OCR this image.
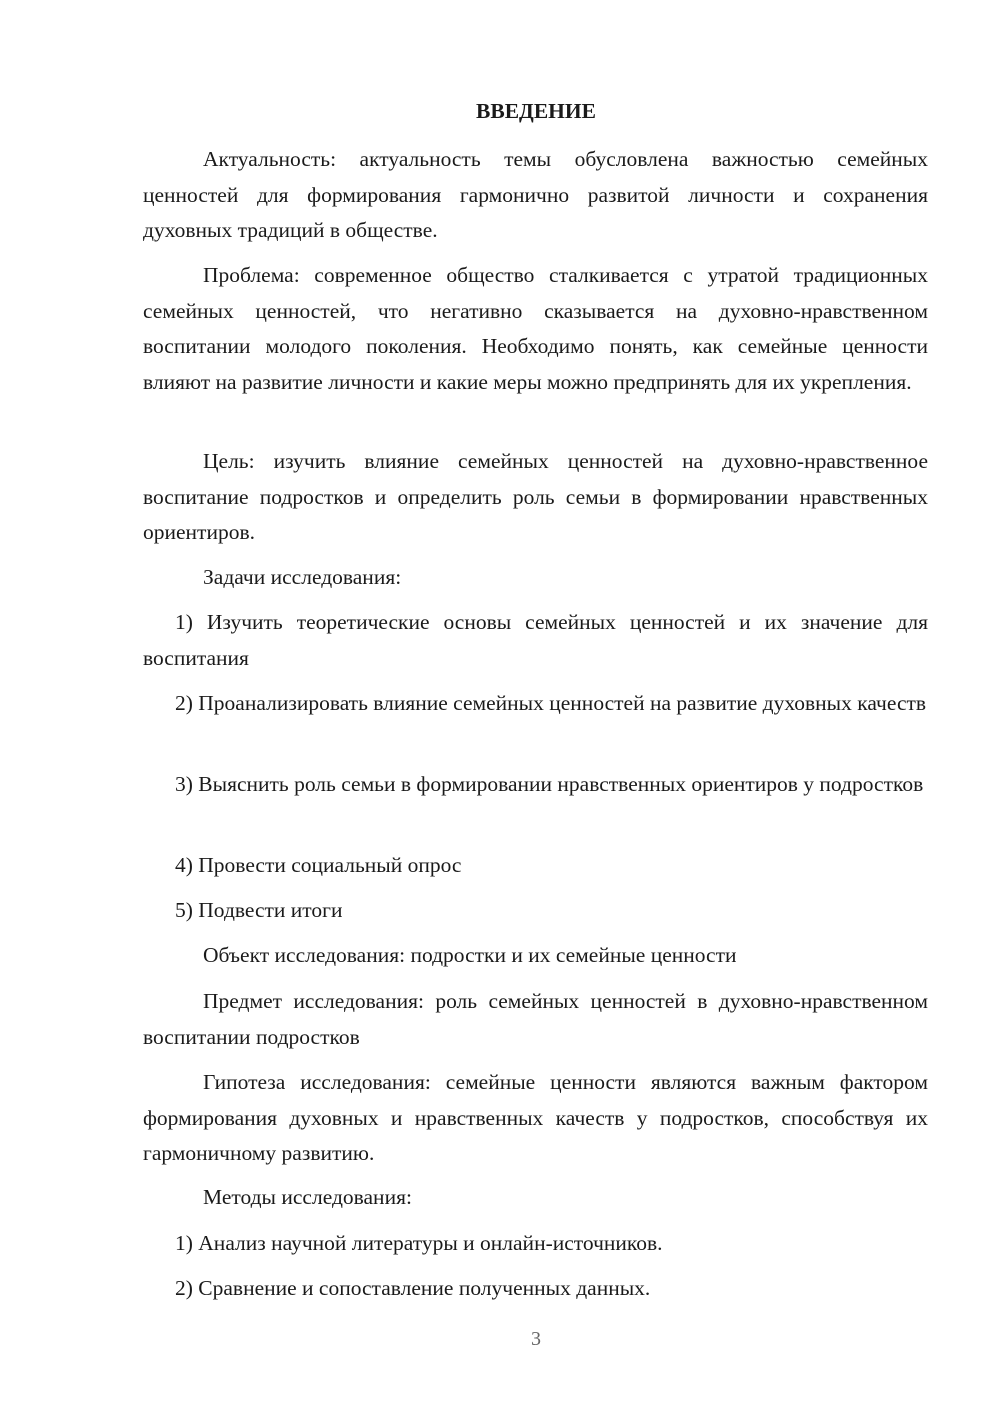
ВВЕДЕНИЕ

Актуальность: актуальность темы обусловлена важностью семейных ценностей для формирования гармонично развитой личности и сохранения духовных традиций в обществе.

Проблема: современное общество сталкивается с утратой традиционных семейных ценностей, что негативно сказывается на духовно-нравственном воспитании молодого поколения. Необходимо понять, как семейные ценности влияют на развитие личности и какие меры можно предпринять для их укрепления.

Цель: изучить влияние семейных ценностей на духовно-нравственное воспитание подростков и определить роль семьи в формировании нравственных ориентиров.

Задачи исследования:

1) Изучить теоретические основы семейных ценностей и их значение для воспитания

2) Проанализировать влияние семейных ценностей на развитие духовных качеств

3) Выяснить роль семьи в формировании нравственных ориентиров у подростков

4) Провести социальный опрос

5) Подвести итоги

Объект исследования: подростки и их семейные ценности

Предмет исследования: роль семейных ценностей в духовно-нравственном воспитании подростков

Гипотеза исследования: семейные ценности являются важным фактором формирования духовных и нравственных качеств у подростков, способствуя их гармоничному развитию.

Методы исследования:

1) Анализ научной литературы и онлайн-источников.

2) Сравнение и сопоставление полученных данных.

3
